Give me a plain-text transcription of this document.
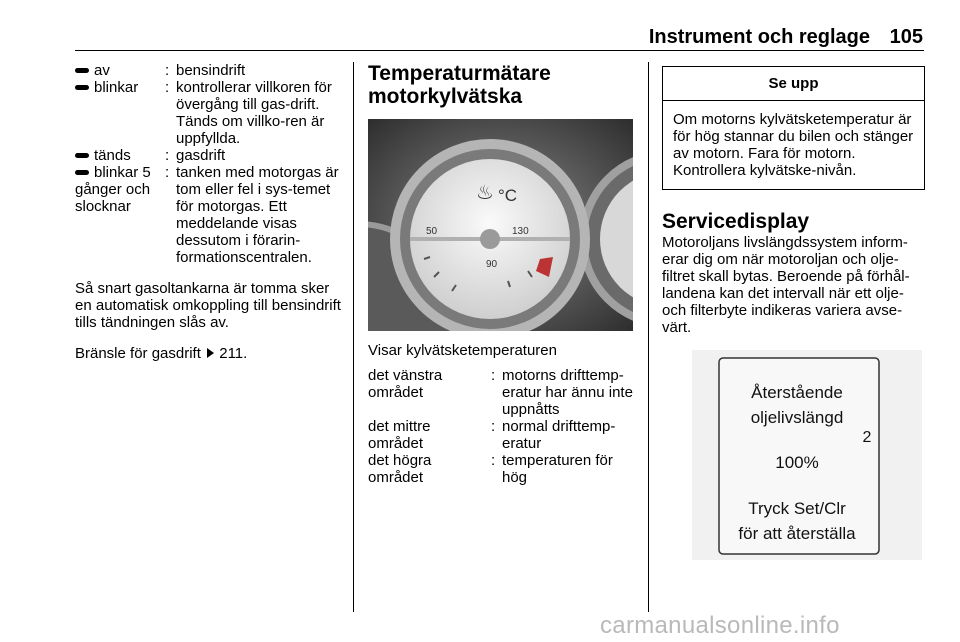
Instrument och reglage 105
av	: bensindrift
blinkar	: kontrollerar villkoren för övergång till gas-drift. Tänds om villko-ren är uppfyllda.
tänds	: gasdrift
blinkar 5 gånger och slocknar
: tanken med motorgas är tom eller fel i sys-temet för motorgas. Ett meddelande visas dessutom i förarin-formationscentralen.

Så snart gasoltankarna är tomma sker en automatisk omkoppling till bensindrift tills tändningen slås av.

Bränsle för gasdrift 211.

Temperaturmätare motorkylvätska
♨ °C
50
90
130
Visar kylvätsketemperaturen
det vänstra området
: motorns drifttemp-eratur har ännu inte uppnåtts
det mittre området
: normal drifttemp-eratur
det högra området
: temperaturen för hög
Se upp
Om motorns kylvätsketemperatur är för hög stannar du bilen och stänger av motorn. Fara för motorn. Kontrollera kylvätske-nivån.
Servicedisplay
Motoroljans livslängdssystem inform-erar dig om när motoroljan och olje-filtret skall bytas. Beroende på förhål-landena kan det intervall när ett olje- och filterbyte indikeras variera avse-värt.
Återstående
oljelivslängd
2
100%
Tryck Set/Clr
för att återställa
carmanualsonline.info
